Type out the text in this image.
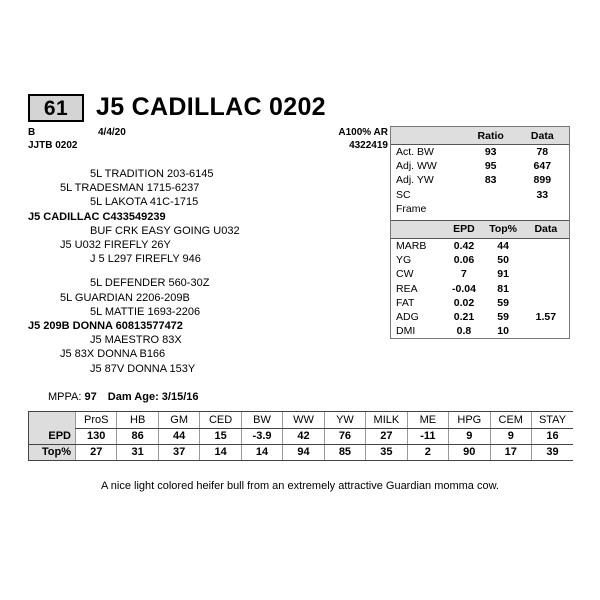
61	J5 CADILLAC 0202
B	4/4/20
JJTB 0202
A100% AR
4322419
5L TRADITION 203-6145
5L TRADESMAN 1715-6237
5L LAKOTA 41C-1715
J5 CADILLAC C433549239
BUF CRK EASY GOING U032
J5 U032 FIREFLY 26Y
J 5 L297 FIREFLY 946
5L DEFENDER 560-30Z
5L GUARDIAN 2206-209B
5L MATTIE 1693-2206
J5 209B DONNA 60813577472
J5 MAESTRO 83X
J5 83X DONNA B166
J5 87V DONNA 153Y
MPPA: 97 Dam Age: 3/15/16
	Ratio	Data
Act. BW	93	78
Adj. WW	95	647
Adj. YW	83	899
SC		33
Frame		
	EPD	Top%	Data
MARB	0.42	44	
YG	0.06	50	
CW	7	91	
REA	-0.04	81	
FAT	0.02	59	
ADG	0.21	59	1.57
DMI	0.8	10	
	ProS	HB	GM	CED	BW	WW	YW	MILK	ME	HPG	CEM	STAY
EPD	130	86	44	15	-3.9	42	76	27	-11	9	9	16
Top%	27	31	37	14	14	94	85	35	2	90	17	39
A nice light colored heifer bull from an extremely attractive Guardian momma cow.
